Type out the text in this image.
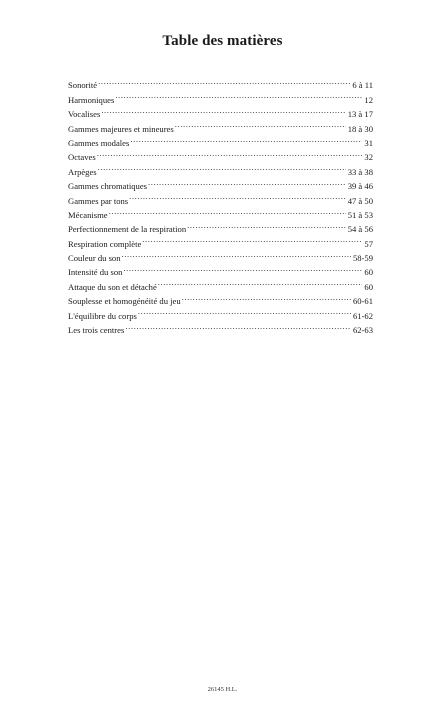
Table des matières
Sonorité .....	6 à 11
Harmoniques .....	12
Vocalises .....	13 à 17
Gammes majeures et mineures .....	18 à 30
Gammes modales .....	31
Octaves .....	32
Arpèges .....	33 à 38
Gammes chromatiques .....	39 à 46
Gammes par tons .....	47 à 50
Mécanisme .....	51 à 53
Perfectionnement de la respiration .....	54 à 56
Respiration complète .....	57
Couleur du son .....	58-59
Intensité du son .....	60
Attaque du son et détaché .....	60
Souplesse et homogénéité du jeu .....	60-61
L'équilibre du corps .....	61-62
Les trois centres .....	62-63
26145 H.L.
